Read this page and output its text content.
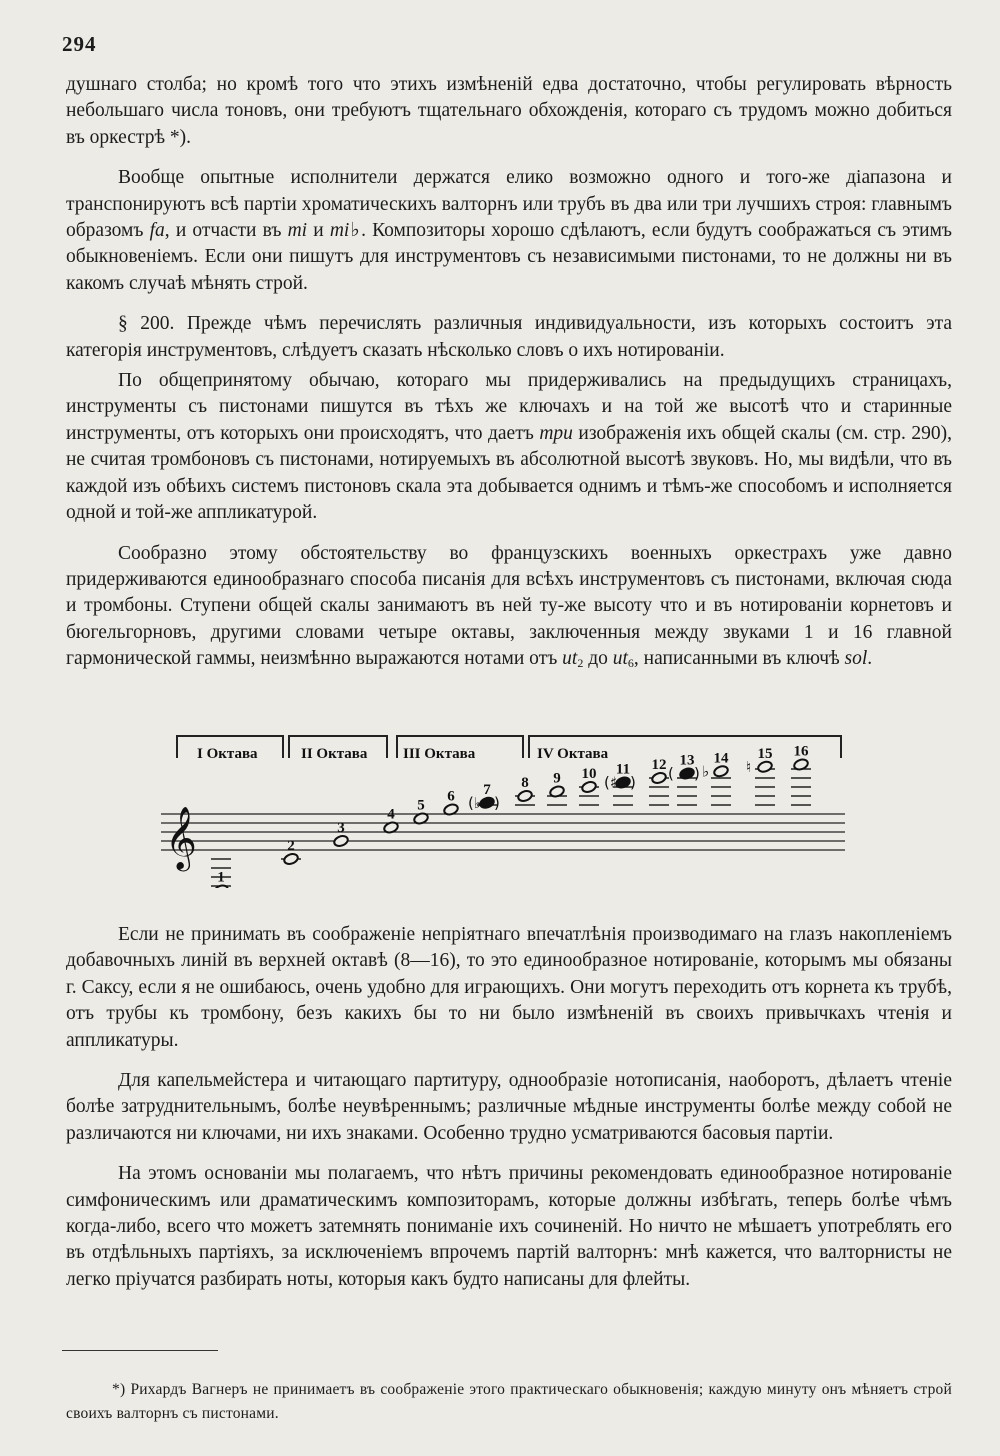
294

душнаго столба; но кромѣ того что этихъ измѣненій едва достаточно, чтобы регулировать вѣрность небольшаго числа тоновъ, они требуютъ тщательнаго обхожденія, котораго съ трудомъ можно добиться въ оркестрѣ *).

Вообще опытные исполнители держатся елико возможно одного и того-же діапазона и транспонируютъ всѣ партіи хроматическихъ валторнъ или трубъ въ два или три лучшихъ строя: главнымъ образомъ fa, и отчасти въ mi и mi♭. Композиторы хорошо сдѣлаютъ, если будутъ соображаться съ этимъ обыкновеніемъ. Если они пишутъ для инструментовъ съ независимыми пистонами, то не должны ни въ какомъ случаѣ мѣнять строй.

§ 200. Прежде чѣмъ перечислять различныя индивидуальности, изъ которыхъ состоитъ эта категорія инструментовъ, слѣдуетъ сказать нѣсколько словъ о ихъ нотированіи.

По общепринятому обычаю, котораго мы придерживались на предыдущихъ страницахъ, инструменты съ пистонами пишутся въ тѣхъ же ключахъ и на той же высотѣ что и старинные инструменты, отъ которыхъ они происходятъ, что даетъ три изображенія ихъ общей скалы (см. стр. 290), не считая тромбоновъ съ пистонами, нотируемыхъ въ абсолютной высотѣ звуковъ. Но, мы видѣли, что въ каждой изъ обѣихъ системъ пистоновъ скала эта добывается однимъ и тѣмъ-же способомъ и исполняется одной и той-же аппликатурой.

Сообразно этому обстоятельству во французскихъ военныхъ оркестрахъ уже давно придерживаются единообразнаго способа писанія для всѣхъ инструментовъ съ пистонами, включая сюда и тромбоны. Ступени общей скалы занимаютъ въ ней ту-же высоту что и въ нотированіи корнетовъ и бюгельгорновъ, другими словами четыре октавы, заключенныя между звуками 1 и 16 главной гармонической гаммы, неизмѣнно выражаются нотами отъ $ut_2$ до $ut_6$, написанными въ ключѣ sol.

𝄞
I Октава	II Октава III Октава	IV Октава
1
2
3
4
5
6 (♭ )
7 8 9 10 (♯ )
11 12 ( )
13
♭
14 ♮
15 16

Если не принимать въ соображеніе непріятнаго впечатлѣнія производимаго на глазъ накопленіемъ добавочныхъ линій въ верхней октавѣ (8—16), то это единообразное нотированіе, которымъ мы обязаны г. Саксу, если я не ошибаюсь, очень удобно для играющихъ. Они могутъ переходить отъ корнета къ трубѣ, отъ трубы къ тромбону, безъ какихъ бы то ни было измѣненій въ своихъ привычкахъ чтенія и аппликатуры.

Для капельмейстера и читающаго партитуру, однообразіе нотописанія, наоборотъ, дѣлаетъ чтеніе болѣе затруднительнымъ, болѣе неувѣреннымъ; различные мѣдные инструменты болѣе между собой не различаются ни ключами, ни ихъ знаками. Особенно трудно усматриваются басовыя партіи.

На этомъ основаніи мы полагаемъ, что нѣтъ причины рекомендовать единообразное нотированіе симфоническимъ или драматическимъ композиторамъ, которые должны избѣгать, теперь болѣе чѣмъ когда-либо, всего что можетъ затемнять пониманіе ихъ сочиненій. Но ничто не мѣшаетъ употреблять его въ отдѣльныхъ партіяхъ, за исключеніемъ впрочемъ партій валторнъ: мнѣ кажется, что валторнисты не легко пріучатся разбирать ноты, которыя какъ будто написаны для флейты.

*) Рихардъ Вагнеръ не принимаетъ въ соображеніе этого практическаго обыкновенія; каждую минуту онъ мѣняетъ строй своихъ валторнъ съ пистонами.
